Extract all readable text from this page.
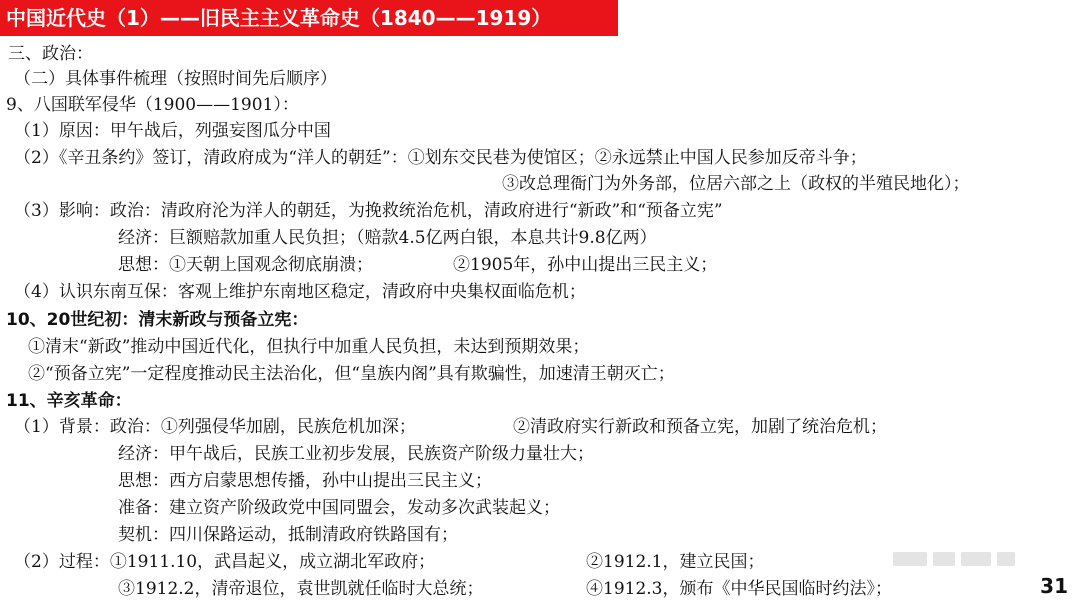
中国近代史（1）——旧民主主义革命史（1840——1919）
三、政治：
（二）具体事件梳理（按照时间先后顺序）
9、八国联军侵华（1900——1901）：
（1）原因：甲午战后，列强妄图瓜分中国
（2）《辛丑条约》签订，清政府成为“洋人的朝廷”：①划东交民巷为使馆区；②永远禁止中国人民参加反帝斗争；
③改总理衙门为外务部，位居六部之上（政权的半殖民地化）；
（3）影响：政治：清政府沦为洋人的朝廷，为挽救统治危机，清政府进行“新政”和“预备立宪”
经济：巨额赔款加重人民负担；（赔款4.5亿两白银，本息共计9.8亿两）
思想：①天朝上国观念彻底崩溃；	②1905年，孙中山提出三民主义；
（4）认识东南互保：客观上维护东南地区稳定，清政府中央集权面临危机；
10、20世纪初：清末新政与预备立宪：
①清末“新政”推动中国近代化，但执行中加重人民负担，未达到预期效果；
②“预备立宪”一定程度推动民主法治化，但“皇族内阁”具有欺骗性，加速清王朝灭亡；
11、辛亥革命：
（1）背景：政治：①列强侵华加剧，民族危机加深；	②清政府实行新政和预备立宪，加剧了统治危机；
经济：甲午战后，民族工业初步发展，民族资产阶级力量壮大；
思想：西方启蒙思想传播，孙中山提出三民主义；
准备：建立资产阶级政党中国同盟会，发动多次武装起义；
契机：四川保路运动，抵制清政府铁路国有；
（2）过程：①1911.10，武昌起义，成立湖北军政府；	②1912.1，建立民国；
③1912.2，清帝退位，袁世凯就任临时大总统；	④1912.3，颁布《中华民国临时约法》；	31
